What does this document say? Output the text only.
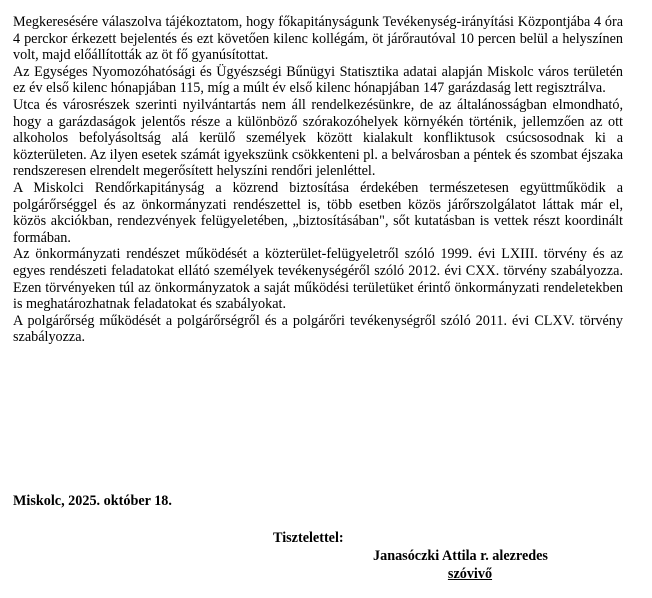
Megkeresésére válaszolva tájékoztatom, hogy főkapitányságunk Tevékenység-irányítási Központjába 4 óra 4 perckor érkezett bejelentés és ezt követően kilenc kollégám, öt járőrautóval 10 percen belül a helyszínen volt, majd előállították az öt fő gyanúsítottat.

Az Egységes Nyomozóhatósági és Ügyészségi Bűnügyi Statisztika adatai alapján Miskolc város területén ez év első kilenc hónapjában 115, míg a múlt év első kilenc hónapjában 147 garázdaság lett regisztrálva.

Utca és városrészek szerinti nyilvántartás nem áll rendelkezésünkre, de az általánosságban elmondható, hogy a garázdaságok jelentős része a különböző szórakozóhelyek környékén történik, jellemzően az ott alkoholos befolyásoltság alá kerülő személyek között kialakult konfliktusok csúcsosodnak ki a közterületen. Az ilyen esetek számát igyekszünk csökkenteni pl. a belvárosban a péntek és szombat éjszaka rendszeresen elrendelt megerősített helyszíni rendőri jelenléttel.

A Miskolci Rendőrkapitányság a közrend biztosítása érdekében természetesen együttműködik a polgárőrséggel és az önkormányzati rendészettel is, több esetben közös járőrszolgálatot láttak már el, közös akciókban, rendezvények felügyeletében, „biztosításában", sőt kutatásban is vettek részt koordinált formában.

Az önkormányzati rendészet működését a közterület-felügyeletről szóló 1999. évi LXIII. törvény és az egyes rendészeti feladatokat ellátó személyek tevékenységéről szóló 2012. évi CXX. törvény szabályozza. Ezen törvényeken túl az önkormányzatok a saját működési területüket érintő önkormányzati rendeletekben is meghatározhatnak feladatokat és szabályokat.

A polgárőrség működését a polgárőrségről és a polgárőri tevékenységről szóló 2011. évi CLXV. törvény szabályozza.

Miskolc, 2025. október 18.
Tisztelettel:
Janasóczki Attila r. alezredes
szóvivő
